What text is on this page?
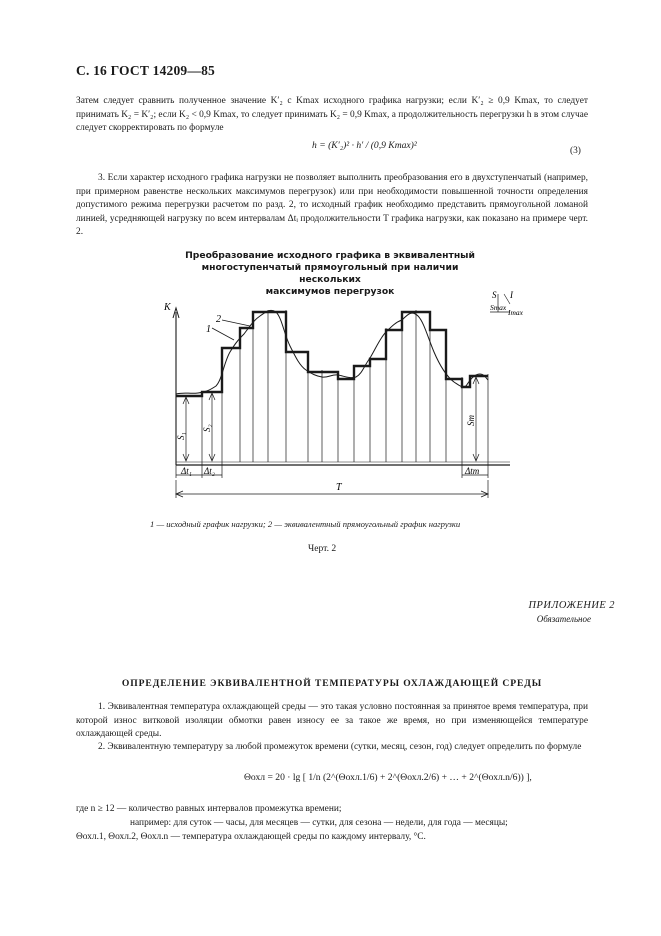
С. 16 ГОСТ 14209—85
Затем следует сравнить полученное значение K′₂ с Kmax исходного графика нагрузки; если K′₂ ≥ 0,9 Kmax, то следует принимать K₂ = K′₂; если K₂ < 0,9 Kmax, то следует принимать K₂ = 0,9 Kmax, а продолжительность перегрузки h в этом случае следует скорректировать по формуле
h = (K′₂)² · h′ / (0,9 Kmax)²	(3)
3. Если характер исходного графика нагрузки не позволяет выполнить преобразования его в двухступенчатый (например, при примерном равенстве нескольких максимумов перегрузок) или при необходимости повышенной точности определения допустимого режима перегрузки расчетом по разд. 2, то исходный график необходимо представить прямоугольной ломаной линией, усредняющей нагрузку по всем интервалам Δtᵢ продолжительности T графика нагрузки, как показано на примере черт. 2.
Преобразование исходного графика в эквивалентный
многоступенчатый прямоугольный при наличии нескольких
максимумов перегрузок
K
1
2
S I
Smax
Imax
S₁
S₂
Sm
Δt₁ Δt₂	Δtm
T
1 — исходный график нагрузки; 2 — эквивалентный прямоугольный график нагрузки
Черт. 2
ПРИЛОЖЕНИЕ 2
Обязательное
ОПРЕДЕЛЕНИЕ ЭКВИВАЛЕНТНОЙ ТЕМПЕРАТУРЫ ОХЛАЖДАЮЩЕЙ СРЕДЫ
1. Эквивалентная температура охлаждающей среды — это такая условно постоянная за принятое время температура, при которой износ витковой изоляции обмотки равен износу ее за такое же время, но при изменяющейся температуре охлаждающей среды.
2. Эквивалентную температуру за любой промежуток времени (сутки, месяц, сезон, год) следует определить по формуле
Θохл = 20 · lg [ 1/n (2^(Θохл.1/6) + 2^(Θохл.2/6) + … + 2^(Θохл.n/6)) ],
где n ≥ 12 — количество равных интервалов промежутка времени;
например: для суток — часы, для месяцев — сутки, для сезона — недели, для года — месяцы;
Θохл.1, Θохл.2, Θохл.n — температура охлаждающей среды по каждому интервалу, °С.
